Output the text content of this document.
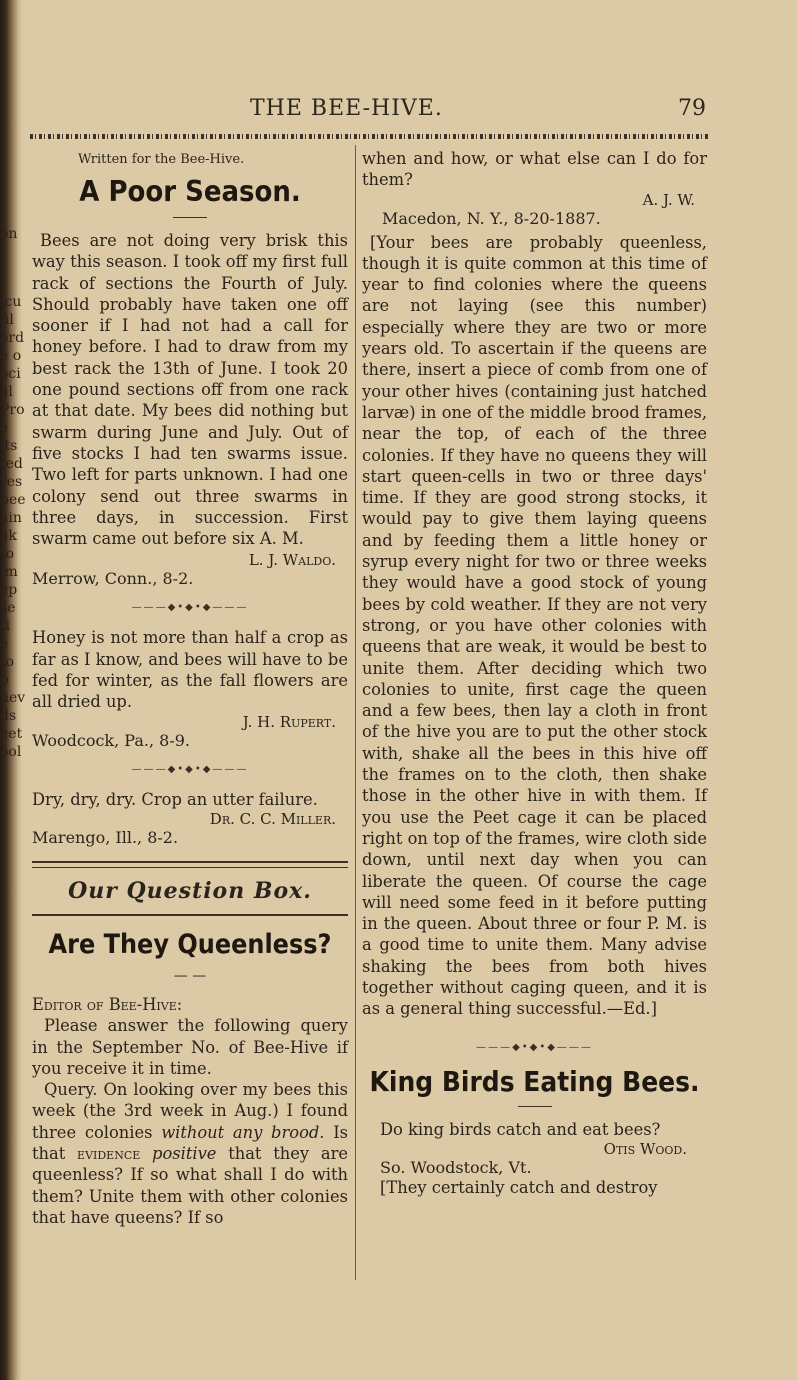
on
icu
fil
ord
e o
oci
al
Pro
e its
ted
res
bee
ain
ak
to
im
ep
se
ti
e
to
b
nev
ds
eet
ool
THE BEE-HIVE.	79
Written for the Bee-Hive.
A Poor Season.

Bees are not doing very brisk this way this season. I took off my first full rack of sections the Fourth of July. Should probably have taken one off sooner if I had not had a call for honey before. I had to draw from my best rack the 13th of June. I took 20 one pound sections off from one rack at that date. My bees did nothing but swarm during June and July. Out of five stocks I had ten swarms issue. Two left for parts unknown. I had one colony send out three swarms in three days, in succession. First swarm came out before six A. M.

L. J. Waldo.
Merrow, Conn., 8-2.
———◆•◆•◆———

Honey is not more than half a crop as far as I know, and bees will have to be fed for winter, as the fall flowers are all dried up.

J. H. Rupert.
Woodcock, Pa., 8-9.
———◆•◆•◆———

Dry, dry, dry. Crop an utter failure.

Dr. C. C. Miller.
Marengo, Ill., 8-2.
Our Question Box.
Are They Queenless?
— —
Editor of Bee-Hive:

Please answer the following query in the September No. of Bee-Hive if you receive it in time.

Query. On looking over my bees this week (the 3rd week in Aug.) I found three colonies without any brood. Is that evidence positive that they are queenless? If so what shall I do with them? Unite them with other colonies that have queens? If so

when and how, or what else can I do for them?

A. J. W.
Macedon, N. Y., 8-20-1887.

[Your bees are probably queenless, though it is quite common at this time of year to find colonies where the queens are not laying (see this number) especially where they are two or more years old. To ascertain if the queens are there, insert a piece of comb from one of your other hives (containing just hatched larvæ) in one of the middle brood frames, near the top, of each of the three colonies. If they have no queens they will start queen-cells in two or three days' time. If they are good strong stocks, it would pay to give them laying queens and by feeding them a little honey or syrup every night for two or three weeks they would have a good stock of young bees by cold weather. If they are not very strong, or you have other colonies with queens that are weak, it would be best to unite them. After deciding which two colonies to unite, first cage the queen and a few bees, then lay a cloth in front of the hive you are to put the other stock with, shake all the bees in this hive off the frames on to the cloth, then shake those in the other hive in with them. If you use the Peet cage it can be placed right on top of the frames, wire cloth side down, until next day when you can liberate the queen. Of course the cage will need some feed in it before putting in the queen. About three or four P. M. is a good time to unite them. Many advise shaking the bees from both hives together without caging queen, and it is as a general thing successful.—Ed.]

———◆•◆•◆———
King Birds Eating Bees.

Do king birds catch and eat bees?

Otis Wood.
So. Woodstock, Vt.

[They certainly catch and destroy
